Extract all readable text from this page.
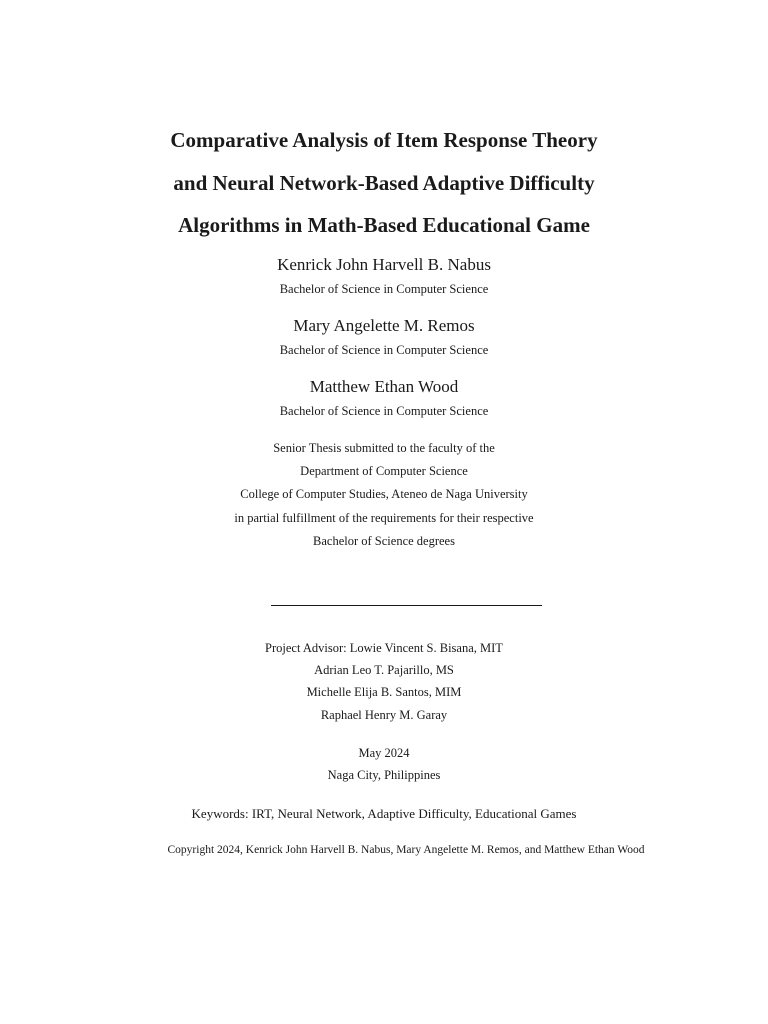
Comparative Analysis of Item Response Theory
and Neural Network-Based Adaptive Difficulty
Algorithms in Math-Based Educational Game
Kenrick John Harvell B. Nabus
Bachelor of Science in Computer Science
Mary Angelette M. Remos
Bachelor of Science in Computer Science
Matthew Ethan Wood
Bachelor of Science in Computer Science
Senior Thesis submitted to the faculty of the
Department of Computer Science
College of Computer Studies, Ateneo de Naga University
in partial fulfillment of the requirements for their respective
Bachelor of Science degrees
Project Advisor: Lowie Vincent S. Bisana, MIT
Adrian Leo T. Pajarillo, MS
Michelle Elija B. Santos, MIM
Raphael Henry M. Garay
May 2024
Naga City, Philippines
Keywords: IRT, Neural Network, Adaptive Difficulty, Educational Games
Copyright 2024, Kenrick John Harvell B. Nabus, Mary Angelette M. Remos, and Matthew Ethan Wood
